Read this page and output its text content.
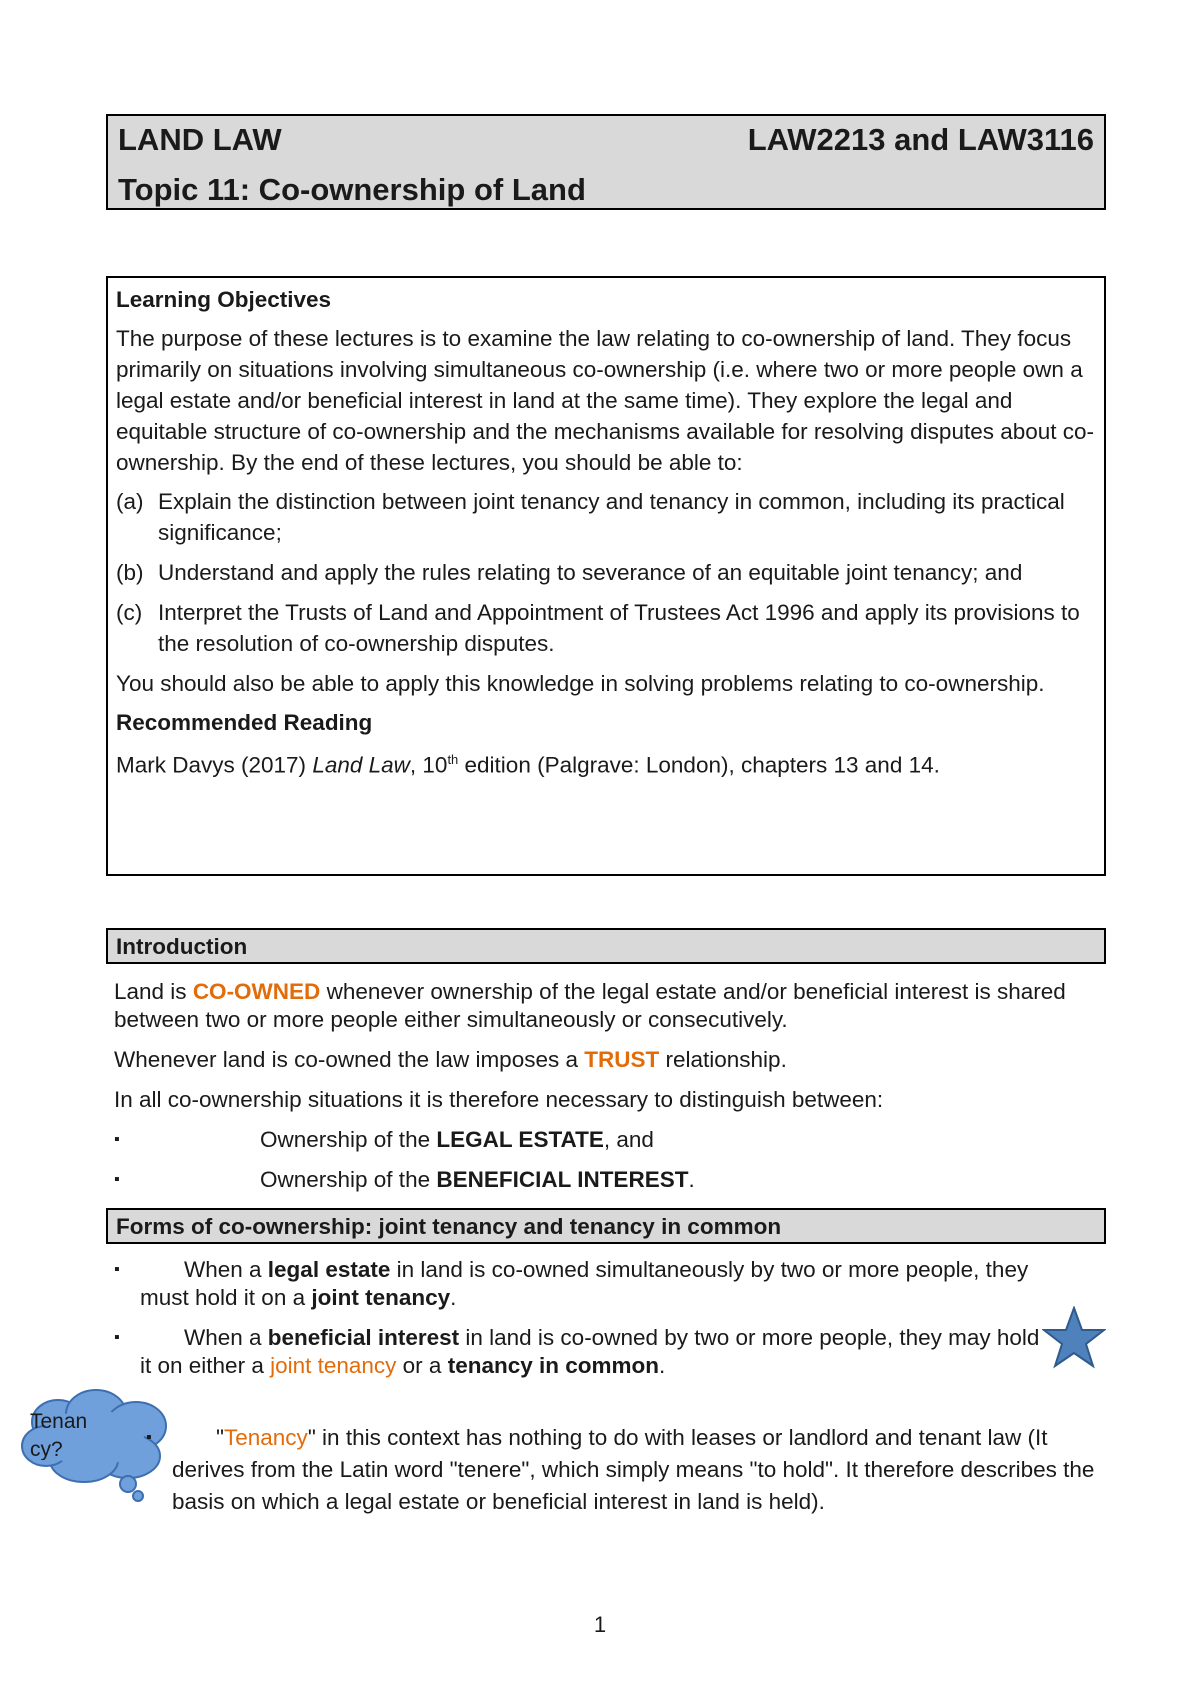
LAND LAW	LAW2213 and LAW3116
Topic 11: Co-ownership of Land

Learning Objectives

The purpose of these lectures is to examine the law relating to co-ownership of land. They focus primarily on situations involving simultaneous co-ownership (i.e. where two or more people own a legal estate and/or beneficial interest in land at the same time). They explore the legal and equitable structure of co-ownership and the mechanisms available for resolving disputes about co-ownership. By the end of these lectures, you should be able to:

(a) Explain the distinction between joint tenancy and tenancy in common, including its practical significance;
(b) Understand and apply the rules relating to severance of an equitable joint tenancy; and
(c) Interpret the Trusts of Land and Appointment of Trustees Act 1996 and apply its provisions to the resolution of co-ownership disputes.

You should also be able to apply this knowledge in solving problems relating to co-ownership.

Recommended Reading

Mark Davys (2017) Land Law, 10th edition (Palgrave: London), chapters 13 and 14.

Introduction

Land is CO-OWNED whenever ownership of the legal estate and/or beneficial interest is shared between two or more people either simultaneously or consecutively.

Whenever land is co-owned the law imposes a TRUST relationship.

In all co-ownership situations it is therefore necessary to distinguish between:

▪	Ownership of the LEGAL ESTATE, and
▪	Ownership of the BENEFICIAL INTEREST.
Forms of co-ownership: joint tenancy and tenancy in common
▪	When a legal estate in land is co-owned simultaneously by two or more people, they must hold it on a joint tenancy.
▪	When a beneficial interest in land is co-owned by two or more people, they may hold it on either a joint tenancy or a tenancy in common.
Tenan
cy?
▪	"Tenancy" in this context has nothing to do with leases or landlord and tenant law (It derives from the Latin word "tenere", which simply means "to hold". It therefore describes the basis on which a legal estate or beneficial interest in land is held).
1
